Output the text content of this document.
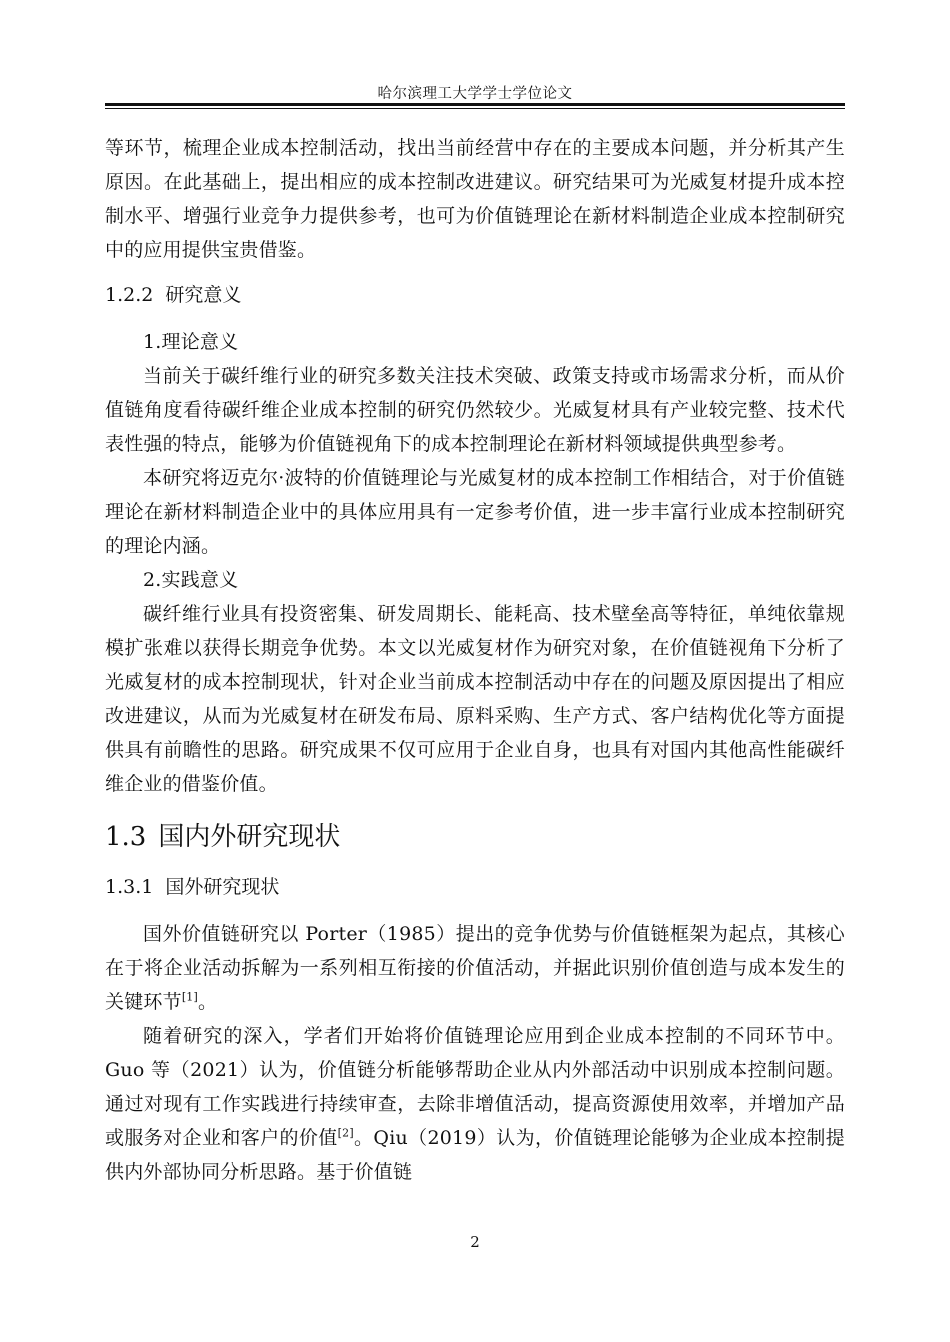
哈尔滨理工大学学士学位论文

等环节，梳理企业成本控制活动，找出当前经营中存在的主要成本问题，并分析其产生原因。在此基础上，提出相应的成本控制改进建议。研究结果可为光威复材提升成本控制水平、增强行业竞争力提供参考，也可为价值链理论在新材料制造企业成本控制研究中的应用提供宝贵借鉴。

1.2.2 研究意义

1.理论意义

当前关于碳纤维行业的研究多数关注技术突破、政策支持或市场需求分析，而从价值链角度看待碳纤维企业成本控制的研究仍然较少。光威复材具有产业较完整、技术代表性强的特点，能够为价值链视角下的成本控制理论在新材料领域提供典型参考。

本研究将迈克尔·波特的价值链理论与光威复材的成本控制工作相结合，对于价值链理论在新材料制造企业中的具体应用具有一定参考价值，进一步丰富行业成本控制研究的理论内涵。

2.实践意义

碳纤维行业具有投资密集、研发周期长、能耗高、技术壁垒高等特征，单纯依靠规模扩张难以获得长期竞争优势。本文以光威复材作为研究对象，在价值链视角下分析了光威复材的成本控制现状，针对企业当前成本控制活动中存在的问题及原因提出了相应改进建议，从而为光威复材在研发布局、原料采购、生产方式、客户结构优化等方面提供具有前瞻性的思路。研究成果不仅可应用于企业自身，也具有对国内其他高性能碳纤维企业的借鉴价值。

1.3 国内外研究现状
1.3.1 国外研究现状

国外价值链研究以 Porter（1985）提出的竞争优势与价值链框架为起点，其核心在于将企业活动拆解为一系列相互衔接的价值活动，并据此识别价值创造与成本发生的关键环节[1]。

随着研究的深入，学者们开始将价值链理论应用到企业成本控制的不同环节中。Guo 等（2021）认为，价值链分析能够帮助企业从内外部活动中识别成本控制问题。通过对现有工作实践进行持续审查，去除非增值活动，提高资源使用效率，并增加产品或服务对企业和客户的价值[2]。Qiu（2019）认为，价值链理论能够为企业成本控制提供内外部协同分析思路。基于价值链

2
